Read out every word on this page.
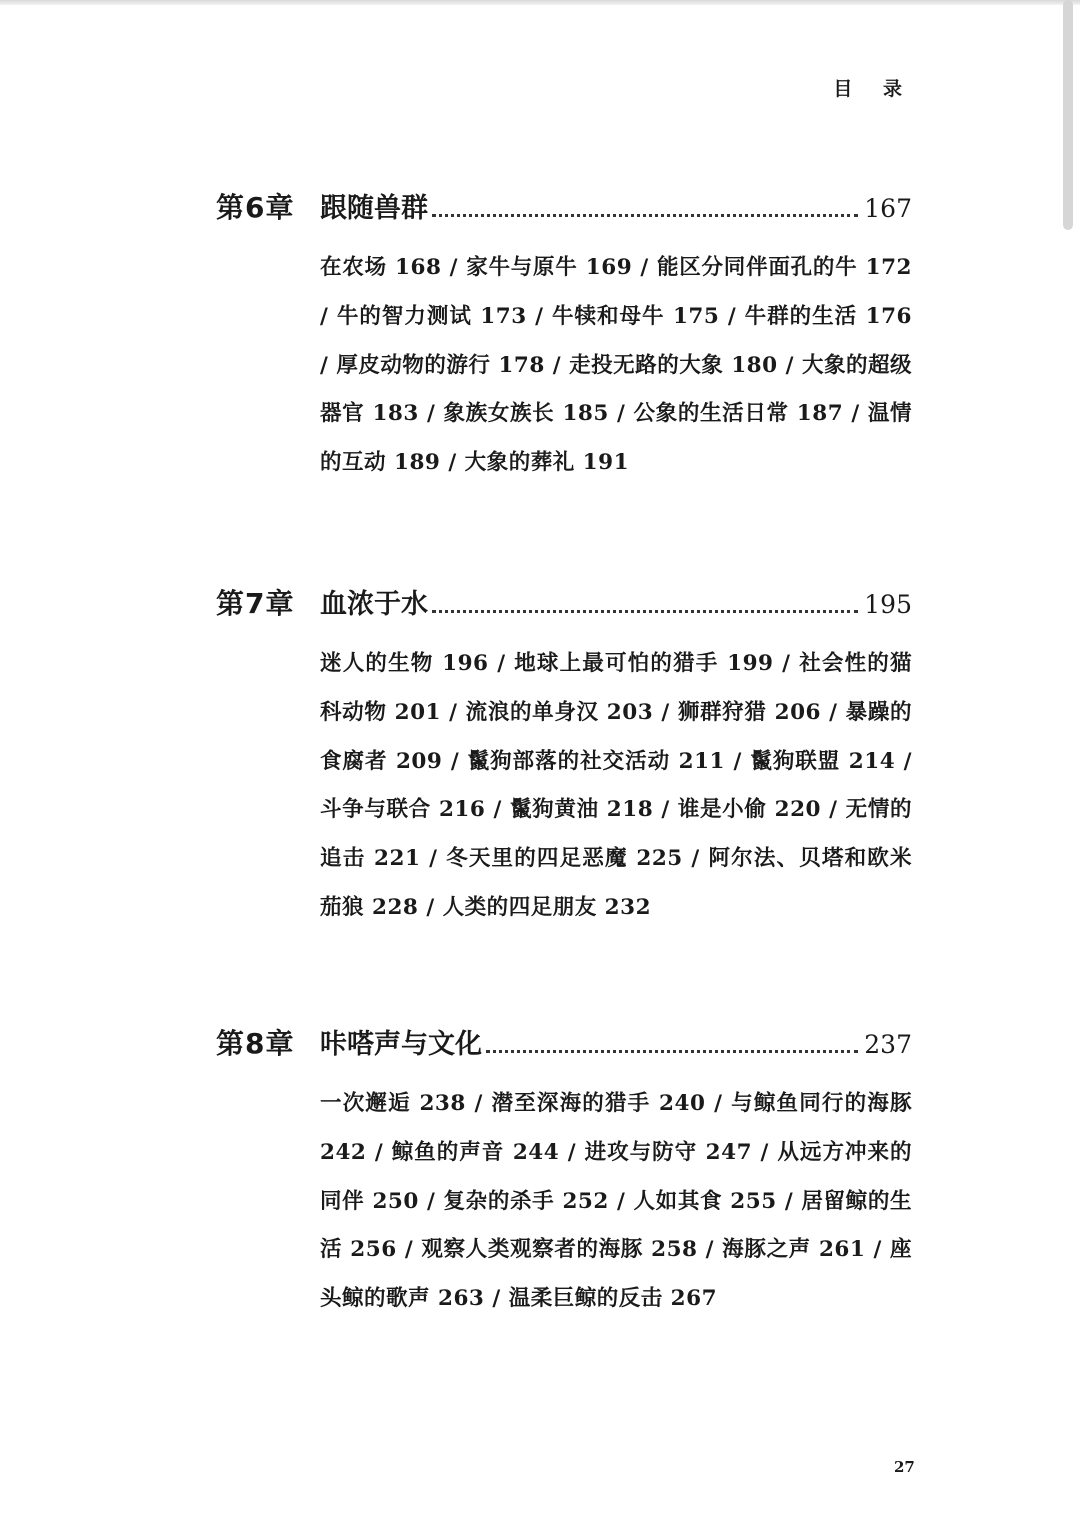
目 录
第6章 跟随兽群	167
在农场 168 / 家牛与原牛 169 / 能区分同伴面孔的牛 172 / 牛的智力测试 173 / 牛犊和母牛 175 / 牛群的生活 176 / 厚皮动物的游行 178 / 走投无路的大象 180 / 大象的超级器官 183 / 象族女族长 185 / 公象的生活日常 187 / 温情的互动 189 / 大象的葬礼 191
第7章 血浓于水	195
迷人的生物 196 / 地球上最可怕的猎手 199 / 社会性的猫科动物 201 / 流浪的单身汉 203 / 狮群狩猎 206 / 暴躁的食腐者 209 / 鬣狗部落的社交活动 211 / 鬣狗联盟 214 / 斗争与联合 216 / 鬣狗黄油 218 / 谁是小偷 220 / 无情的追击 221 / 冬天里的四足恶魔 225 / 阿尔法、贝塔和欧米茄狼 228 / 人类的四足朋友 232
第8章 咔嗒声与文化	237
一次邂逅 238 / 潜至深海的猎手 240 / 与鲸鱼同行的海豚 242 / 鲸鱼的声音 244 / 进攻与防守 247 / 从远方冲来的同伴 250 / 复杂的杀手 252 / 人如其食 255 / 居留鲸的生活 256 / 观察人类观察者的海豚 258 / 海豚之声 261 / 座头鲸的歌声 263 / 温柔巨鲸的反击 267
27
